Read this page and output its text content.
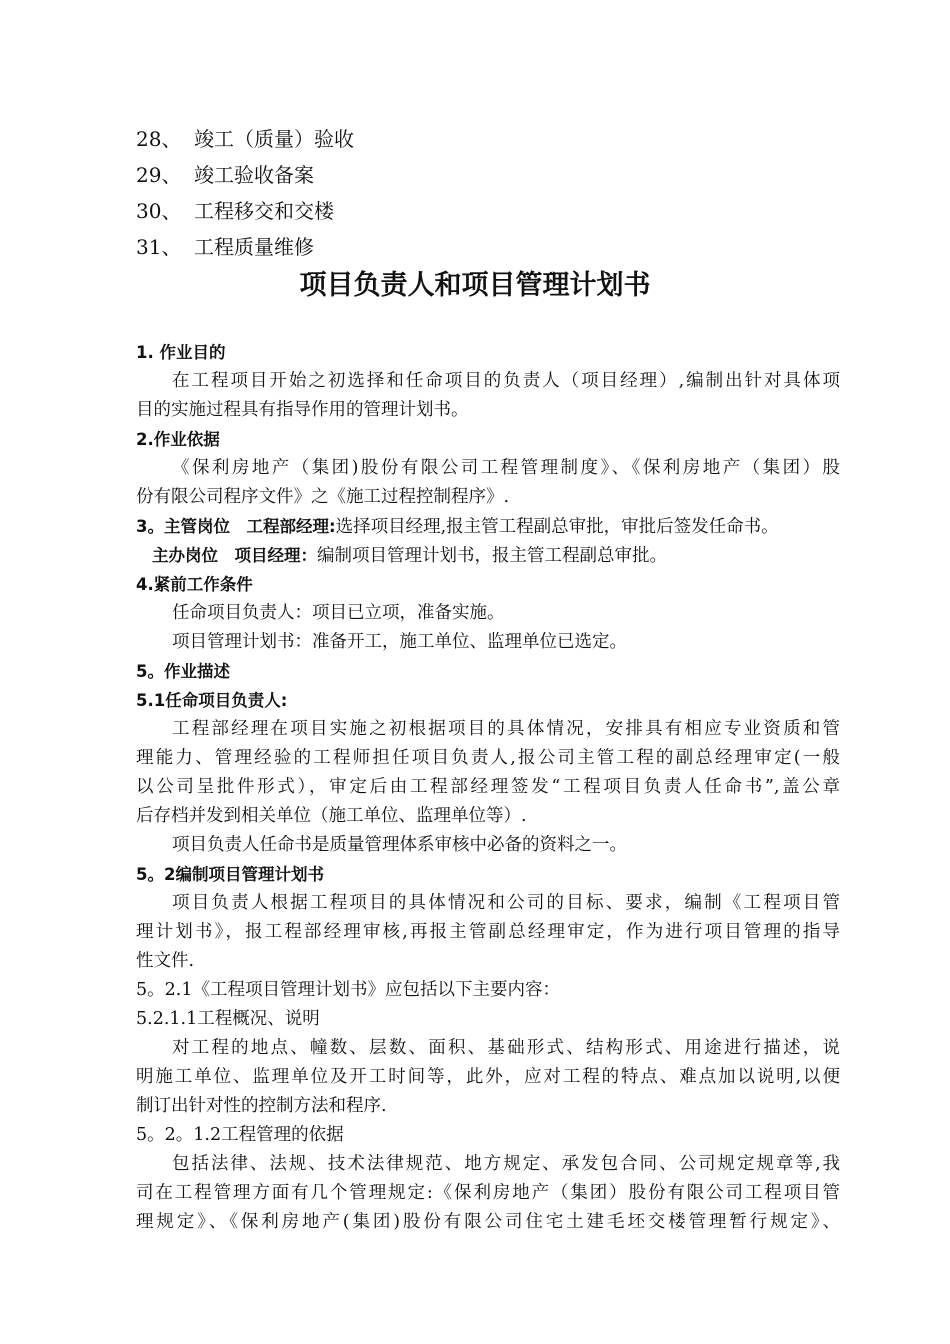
28、 竣工（质量）验收
29、 竣工验收备案
30、 工程移交和交楼
31、 工程质量维修
项目负责人和项目管理计划书
1. 作业目的
在工程项目开始之初选择和任命项目的负责人（项目经理）,编制出针对具体项
目的实施过程具有指导作用的管理计划书。
2.作业依据
《保利房地产（集团)股份有限公司工程管理制度》、《保利房地产（集团）股
份有限公司程序文件》之《施工过程控制程序》.
3。主管岗位　工程部经理:选择项目经理,报主管工程副总审批，审批后签发任命书。
主办岗位　项目经理：编制项目管理计划书，报主管工程副总审批。
4.紧前工作条件
任命项目负责人：项目已立项，准备实施。
项目管理计划书：准备开工，施工单位、监理单位已选定。
5。作业描述
5.1任命项目负责人:
工程部经理在项目实施之初根据项目的具体情况，安排具有相应专业资质和管
理能力、管理经验的工程师担任项目负责人,报公司主管工程的副总经理审定(一般
以公司呈批件形式），审定后由工程部经理签发“工程项目负责人任命书”,盖公章
后存档并发到相关单位（施工单位、监理单位等）.
项目负责人任命书是质量管理体系审核中必备的资料之一。
5。2编制项目管理计划书
项目负责人根据工程项目的具体情况和公司的目标、要求，编制《工程项目管
理计划书》，报工程部经理审核,再报主管副总经理审定，作为进行项目管理的指导
性文件.
5。2.1《工程项目管理计划书》应包括以下主要内容：
5.2.1.1工程概况、说明
对工程的地点、幢数、层数、面积、基础形式、结构形式、用途进行描述，说
明施工单位、监理单位及开工时间等，此外，应对工程的特点、难点加以说明,以便
制订出针对性的控制方法和程序.
5。2。1.2工程管理的依据
包括法律、法规、技术法律规范、地方规定、承发包合同、公司规定规章等,我
司在工程管理方面有几个管理规定:《保利房地产（集团）股份有限公司工程项目管
理规定》、《保利房地产(集团)股份有限公司住宅土建毛坯交楼管理暂行规定》、
